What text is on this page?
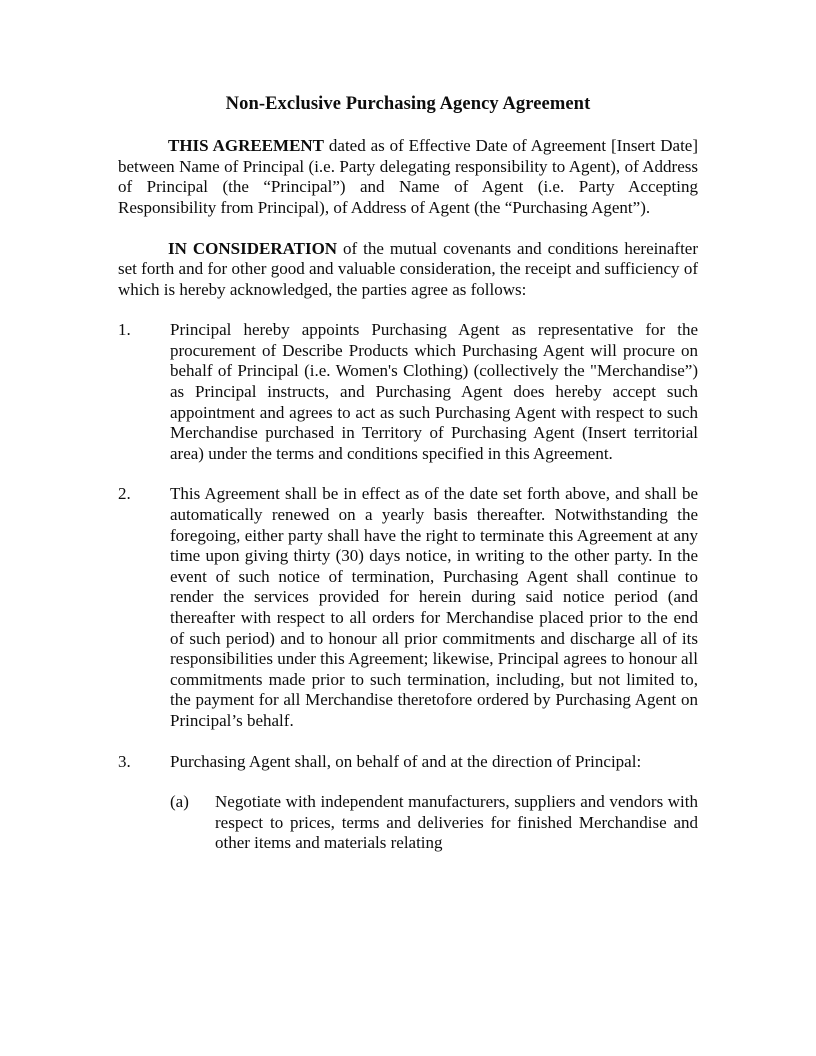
Non-Exclusive Purchasing Agency Agreement

THIS AGREEMENT dated as of Effective Date of Agreement [Insert Date] between Name of Principal (i.e. Party delegating responsibility to Agent), of Address of Principal (the “Principal”) and Name of Agent (i.e. Party Accepting Responsibility from Principal), of Address of Agent (the “Purchasing Agent”).

IN CONSIDERATION of the mutual covenants and conditions hereinafter set forth and for other good and valuable consideration, the receipt and sufficiency of which is hereby acknowledged, the parties agree as follows:

1.	Principal hereby appoints Purchasing Agent as representative for the procurement of Describe Products which Purchasing Agent will procure on behalf of Principal (i.e. Women's Clothing) (collectively the "Merchandise”) as Principal instructs, and Purchasing Agent does hereby accept such appointment and agrees to act as such Purchasing Agent with respect to such Merchandise purchased in Territory of Purchasing Agent (Insert territorial area) under the terms and conditions specified in this Agreement.
2.	This Agreement shall be in effect as of the date set forth above, and shall be automatically renewed on a yearly basis thereafter. Notwithstanding the foregoing, either party shall have the right to terminate this Agreement at any time upon giving thirty (30) days notice, in writing to the other party. In the event of such notice of termination, Purchasing Agent shall continue to render the services provided for herein during said notice period (and thereafter with respect to all orders for Merchandise placed prior to the end of such period) and to honour all prior commitments and discharge all of its responsibilities under this Agreement; likewise, Principal agrees to honour all commitments made prior to such termination, including, but not limited to, the payment for all Merchandise theretofore ordered by Purchasing Agent on Principal’s behalf.
3.	Purchasing Agent shall, on behalf of and at the direction of Principal:
(a)	Negotiate with independent manufacturers, suppliers and vendors with respect to prices, terms and deliveries for finished Merchandise and other items and materials relating
